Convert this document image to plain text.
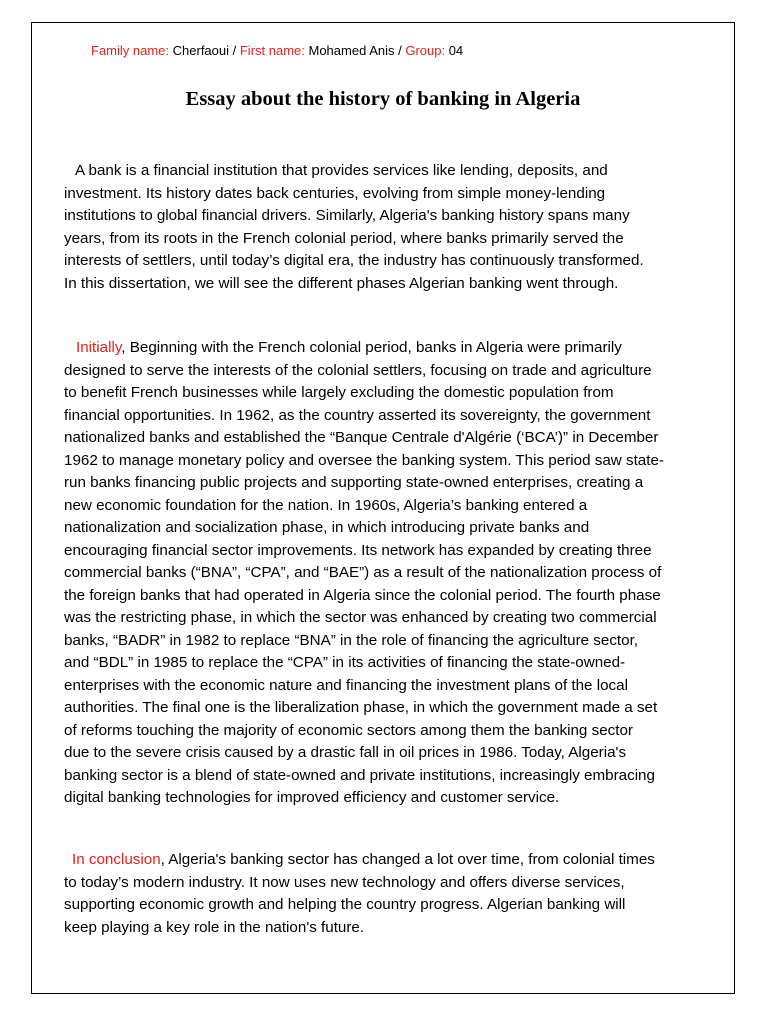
Family name: Cherfaoui / First name: Mohamed Anis / Group: 04
Essay about the history of banking in Algeria
A bank is a financial institution that provides services like lending, deposits, and
investment. Its history dates back centuries, evolving from simple money-lending
institutions to global financial drivers. Similarly, Algeria's banking history spans many
years, from its roots in the French colonial period, where banks primarily served the
interests of settlers, until today’s digital era, the industry has continuously transformed.
In this dissertation, we will see the different phases Algerian banking went through.
Initially, Beginning with the French colonial period, banks in Algeria were primarily
designed to serve the interests of the colonial settlers, focusing on trade and agriculture
to benefit French businesses while largely excluding the domestic population from
financial opportunities. In 1962, as the country asserted its sovereignty, the government
nationalized banks and established the “Banque Centrale d'Algérie (‘BCA’)” in December
1962 to manage monetary policy and oversee the banking system. This period saw state-
run banks financing public projects and supporting state-owned enterprises, creating a
new economic foundation for the nation. In 1960s, Algeria’s banking entered a
nationalization and socialization phase, in which introducing private banks and
encouraging financial sector improvements. Its network has expanded by creating three
commercial banks (“BNA”, “CPA”, and “BAE”) as a result of the nationalization process of
the foreign banks that had operated in Algeria since the colonial period. The fourth phase
was the restricting phase, in which the sector was enhanced by creating two commercial
banks, “BADR” in 1982 to replace “BNA” in the role of financing the agriculture sector,
and “BDL” in 1985 to replace the “CPA” in its activities of financing the state-owned-
enterprises with the economic nature and financing the investment plans of the local
authorities. The final one is the liberalization phase, in which the government made a set
of reforms touching the majority of economic sectors among them the banking sector
due to the severe crisis caused by a drastic fall in oil prices in 1986. Today, Algeria's
banking sector is a blend of state-owned and private institutions, increasingly embracing
digital banking technologies for improved efficiency and customer service.
In conclusion, Algeria's banking sector has changed a lot over time, from colonial times
to today’s modern industry. It now uses new technology and offers diverse services,
supporting economic growth and helping the country progress. Algerian banking will
keep playing a key role in the nation's future.
